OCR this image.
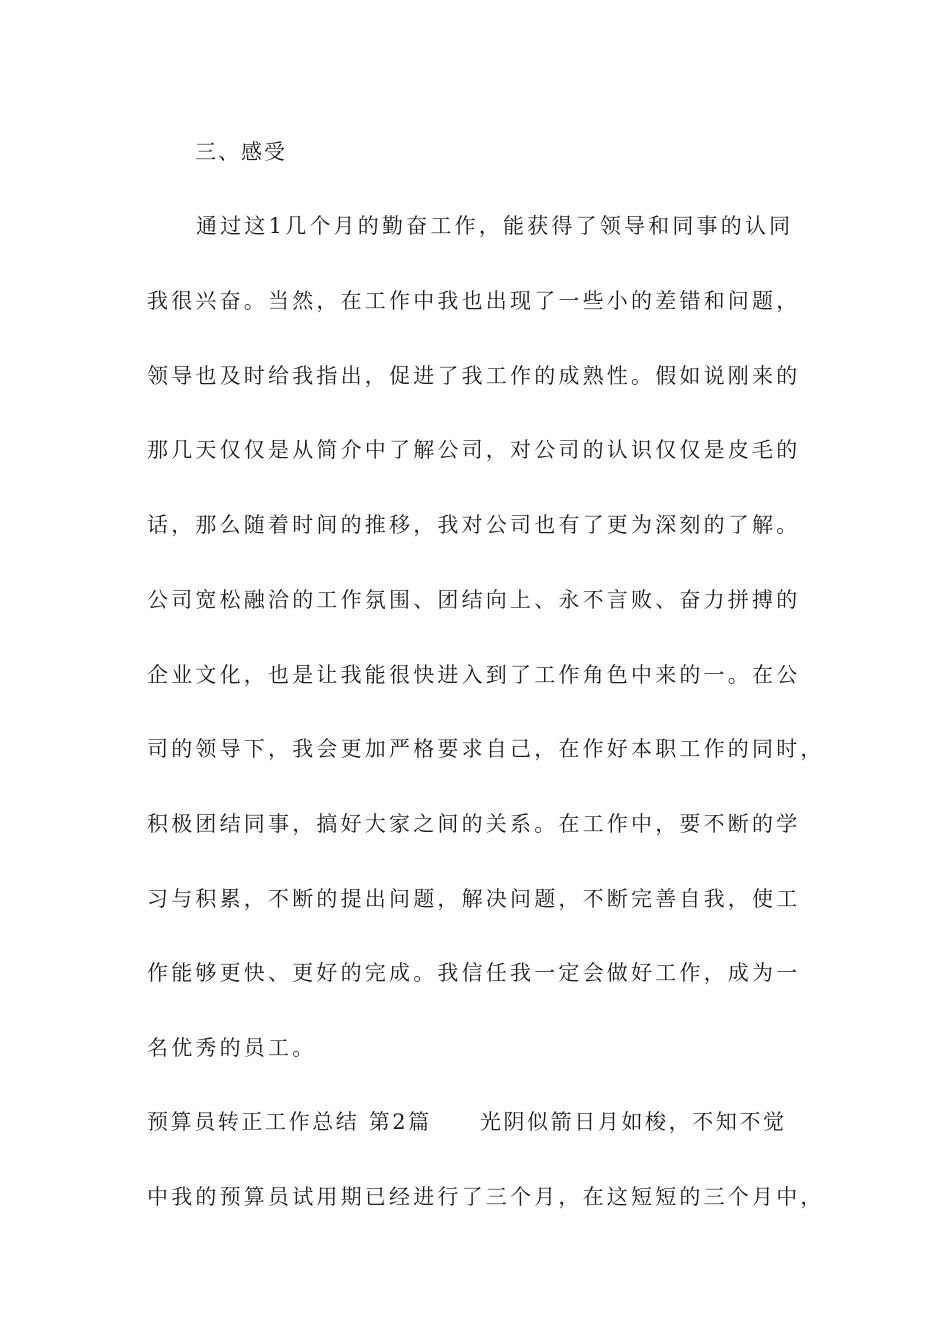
三、感受
通过这1几个月的勤奋工作，能获得了领导和同事的认同
我很兴奋。当然，在工作中我也出现了一些小的差错和问题，
领导也及时给我指出，促进了我工作的成熟性。假如说刚来的
那几天仅仅是从简介中了解公司，对公司的认识仅仅是皮毛的
话，那么随着时间的推移，我对公司也有了更为深刻的了解。
公司宽松融洽的工作氛围、团结向上、永不言败、奋力拼搏的
企业文化，也是让我能很快进入到了工作角色中来的一。在公
司的领导下，我会更加严格要求自己，在作好本职工作的同时，
积极团结同事，搞好大家之间的关系。在工作中，要不断的学
习与积累，不断的提出问题，解决问题，不断完善自我，使工
作能够更快、更好的完成。我信任我一定会做好工作，成为一
名优秀的员工。
预算员转正工作总结 第2篇 光阴似箭日月如梭，不知不觉
中我的预算员试用期已经进行了三个月，在这短短的三个月中，
